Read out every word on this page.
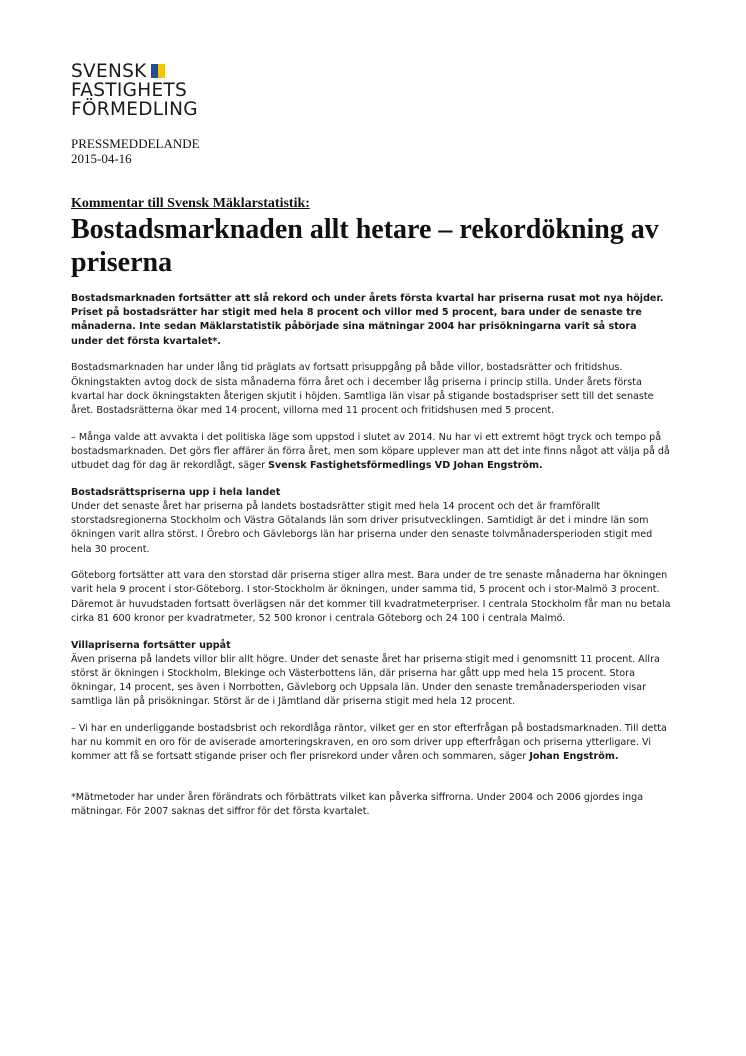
SVENSK
FASTIGHETS
FÖRMEDLING
PRESSMEDDELANDE
2015-04-16
Kommentar till Svensk Mäklarstatistik:
Bostadsmarknaden allt hetare – rekordökning av priserna

Bostadsmarknaden fortsätter att slå rekord och under årets första kvartal har priserna rusat mot nya höjder. Priset på bostadsrätter har stigit med hela 8 procent och villor med 5 procent, bara under de senaste tre månaderna. Inte sedan Mäklarstatistik påbörjade sina mätningar 2004 har prisökningarna varit så stora under det första kvartalet*.

Bostadsmarknaden har under lång tid präglats av fortsatt prisuppgång på både villor, bostadsrätter och fritidshus. Ökningstakten avtog dock de sista månaderna förra året och i december låg priserna i princip stilla. Under årets första kvartal har dock ökningstakten återigen skjutit i höjden. Samtliga län visar på stigande bostadspriser sett till det senaste året. Bostadsrätterna ökar med 14 procent, villorna med 11 procent och fritidshusen med 5 procent.

– Många valde att avvakta i det politiska läge som uppstod i slutet av 2014. Nu har vi ett extremt högt tryck och tempo på bostadsmarknaden. Det görs fler affärer än förra året, men som köpare upplever man att det inte finns något att välja på då utbudet dag för dag är rekordlågt, säger Svensk Fastighetsförmedlings VD Johan Engström.

Bostadsrättspriserna upp i hela landet
Under det senaste året har priserna på landets bostadsrätter stigit med hela 14 procent och det är framförallt storstadsregionerna Stockholm och Västra Götalands län som driver prisutvecklingen. Samtidigt är det i mindre län som ökningen varit allra störst. I Örebro och Gävleborgs län har priserna under den senaste tolvmånadersperioden stigit med hela 30 procent.

Göteborg fortsätter att vara den storstad där priserna stiger allra mest. Bara under de tre senaste månaderna har ökningen varit hela 9 procent i stor-Göteborg. I stor-Stockholm är ökningen, under samma tid, 5 procent och i stor-Malmö 3 procent. Däremot är huvudstaden fortsatt överlägsen när det kommer till kvadratmeterpriser. I centrala Stockholm får man nu betala cirka 81 600 kronor per kvadratmeter, 52 500 kronor i centrala Göteborg och 24 100 i centrala Malmö.

Villapriserna fortsätter uppåt
Även priserna på landets villor blir allt högre. Under det senaste året har priserna stigit med i genomsnitt 11 procent. Allra störst är ökningen i Stockholm, Blekinge och Västerbottens län, där priserna har gått upp med hela 15 procent. Stora ökningar, 14 procent, ses även i Norrbotten, Gävleborg och Uppsala län. Under den senaste tremånadersperioden visar samtliga län på prisökningar. Störst är de i Jämtland där priserna stigit med hela 12 procent.

– Vi har en underliggande bostadsbrist och rekordlåga räntor, vilket ger en stor efterfrågan på bostadsmarknaden. Till detta har nu kommit en oro för de aviserade amorteringskraven, en oro som driver upp efterfrågan och priserna ytterligare. Vi kommer att få se fortsatt stigande priser och fler prisrekord under våren och sommaren, säger Johan Engström.

*Mätmetoder har under åren förändrats och förbättrats vilket kan påverka siffrorna. Under 2004 och 2006 gjordes inga mätningar. För 2007 saknas det siffror för det första kvartalet.
